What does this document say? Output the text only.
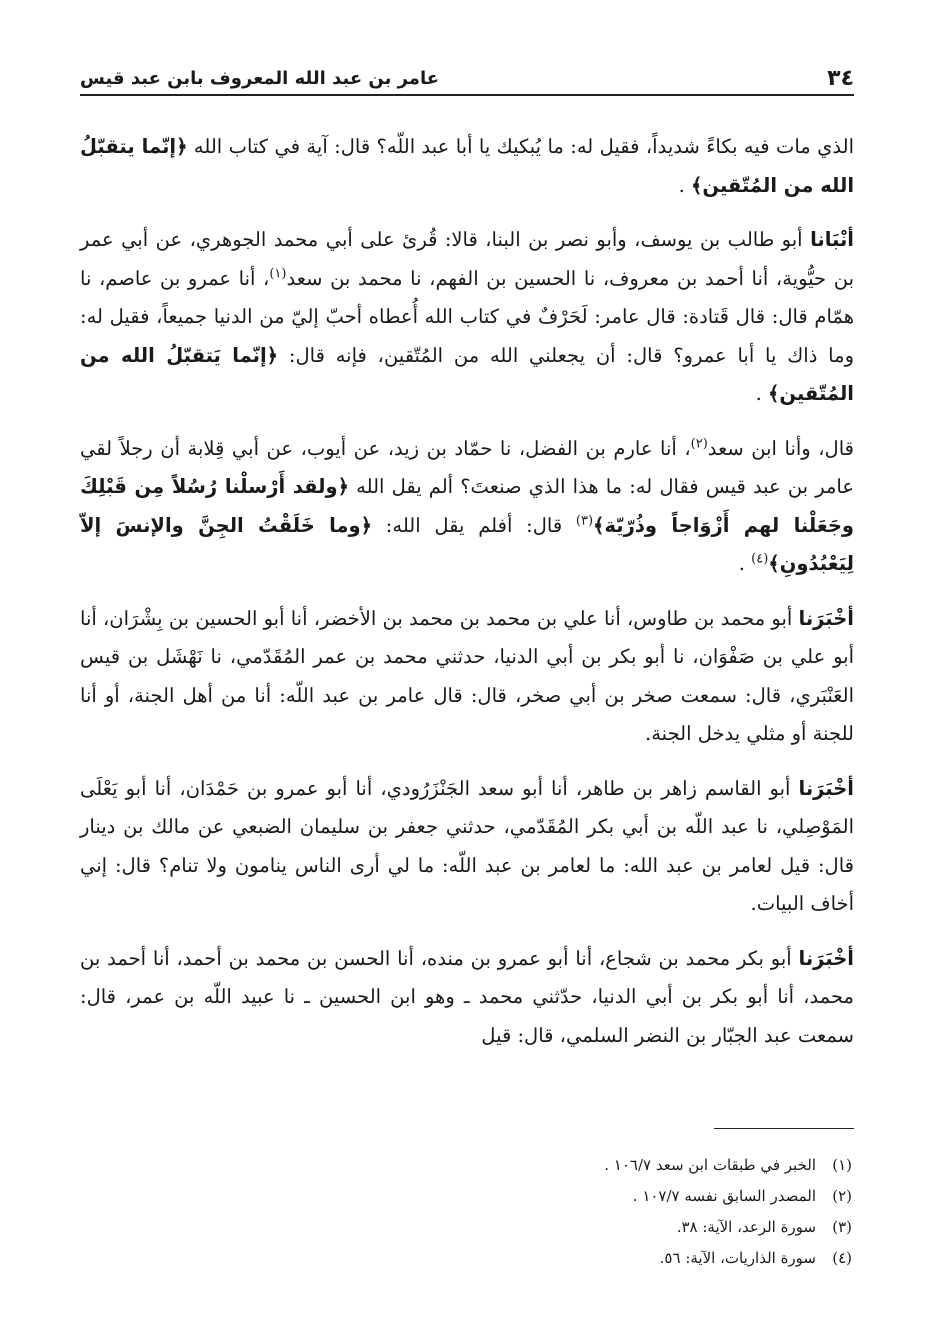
٣٤
عامر بن عبد الله المعروف بابن عبد قيس

الذي مات فيه بكاءً شديداً، فقيل له: ما يُبكيك يا أبا عبد اللّه؟ قال: آية في كتاب الله ﴿إنّما يتقبّلُ الله من المُتّقين﴾ .

أنْبَانا أبو طالب بن يوسف، وأبو نصر بن البنا، قالا: قُرئ على أبي محمد الجوهري، عن أبي عمر بن حيُّوية، أنا أحمد بن معروف، نا الحسين بن الفهم، نا محمد بن سعد$^{(١)}$، أنا عمرو بن عاصم، نا همّام قال: قال قَتادة: قال عامر: لَحَرْفٌ في كتاب الله أُعطاه أحبّ إليّ من الدنيا جميعاً، فقيل له: وما ذاك يا أبا عمرو؟ قال: أن يجعلني الله من المُتّقين، فإنه قال: ﴿إنّما يَتقبّلُ الله من المُتّقين﴾ .

قال، وأنا ابن سعد$^{(٢)}$، أنا عارم بن الفضل، نا حمّاد بن زيد، عن أيوب، عن أبي قِلابة أن رجلاً لقي عامر بن عبد قيس فقال له: ما هذا الذي صنعتَ؟ ألم يقل الله ﴿ولقد أَرْسلْنا رُسُلاً مِن قَبْلِكَ وجَعَلْنا لهم أَزْوَاجاً وذُرّيّة﴾$^{(٣)}$ قال: أفلم يقل الله: ﴿وما خَلَقْتُ الجِنَّ والإنسَ إلاّ لِيَعْبُدُونِ﴾$^{(٤)}$ .

أخْبَرَنا أبو محمد بن طاوس، أنا علي بن محمد بن محمد بن الأخضر، أنا أبو الحسين بن بِشْرَان، أنا أبو علي بن صَفْوَان، نا أبو بكر بن أبي الدنيا، حدثني محمد بن عمر المُقَدّمي، نا نَهْشَل بن قيس العَنْبَري، قال: سمعت صخر بن أبي صخر، قال: قال عامر بن عبد اللّه: أنا من أهل الجنة، أو أنا للجنة أو مثلي يدخل الجنة.

أخْبَرَنا أبو القاسم زاهر بن طاهر، أنا أبو سعد الجَنْزَرُودي، أنا أبو عمرو بن حَمْدَان، أنا أبو يَعْلَى المَوْصِلي، نا عبد اللّه بن أبي بكر المُقَدّمي، حدثني جعفر بن سليمان الضبعي عن مالك بن دينار قال: قيل لعامر بن عبد الله: ما لعامر بن عبد اللّه: ما لي أرى الناس ينامون ولا تنام؟ قال: إني أخاف البيات.

أخْبَرَنا أبو بكر محمد بن شجاع، أنا أبو عمرو بن منده، أنا الحسن بن محمد بن أحمد، أنا أحمد بن محمد، أنا أبو بكر بن أبي الدنيا، حدّثني محمد ـ وهو ابن الحسين ـ نا عبيد اللّه بن عمر، قال: سمعت عبد الجبّار بن النضر السلمي، قال: قيل

(١)
الخبر في طبقات ابن سعد ١٠٦/٧ .
(٢)
المصدر السابق نفسه ١٠٧/٧ .
(٣)
سورة الرعد، الآية: ٣٨.
(٤)
سورة الذاريات، الآية: ٥٦.
